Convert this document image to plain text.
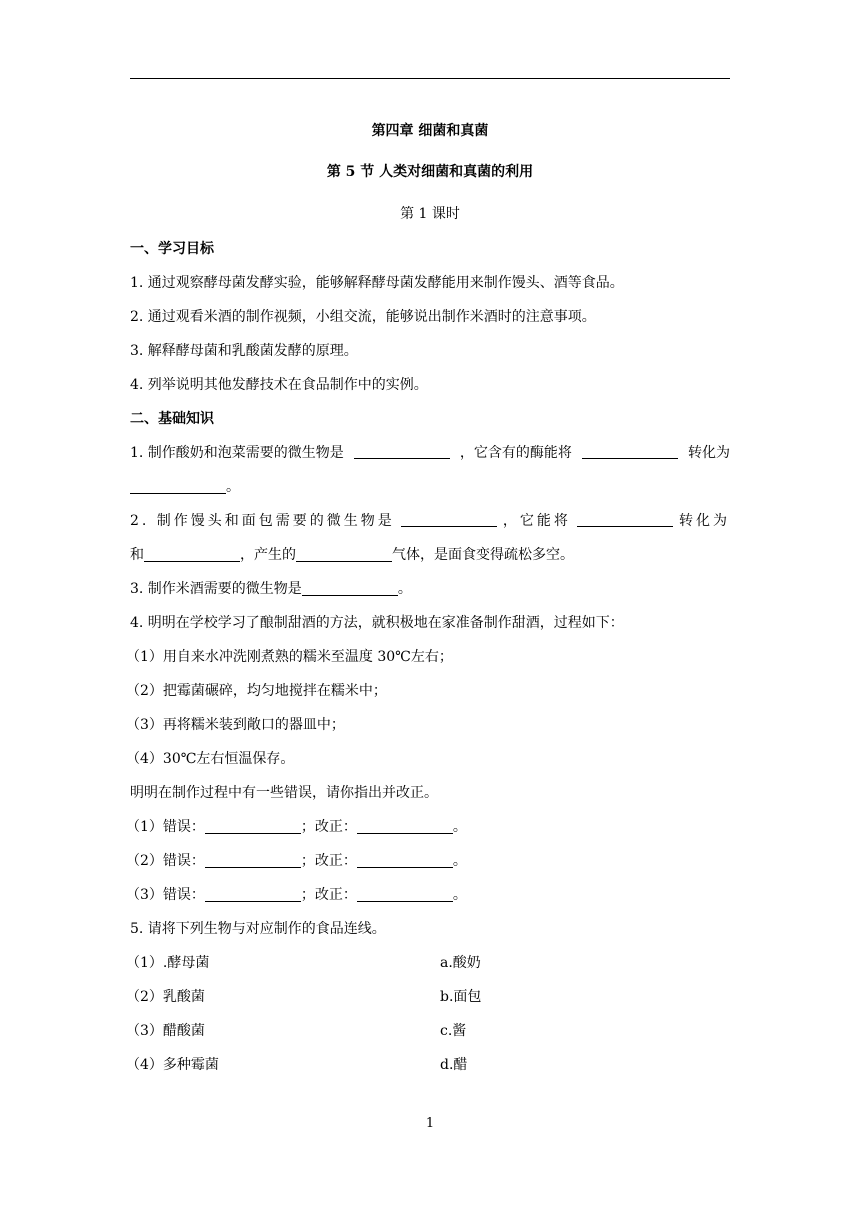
第四章 细菌和真菌
第 5 节 人类对细菌和真菌的利用
第 1 课时
一、学习目标
1. 通过观察酵母菌发酵实验，能够解释酵母菌发酵能用来制作馒头、酒等食品。
2. 通过观看米酒的制作视频，小组交流，能够说出制作米酒时的注意事项。
3. 解释酵母菌和乳酸菌发酵的原理。
4. 列举说明其他发酵技术在食品制作中的实例。
二、基础知识
1. 制作酸奶和泡菜需要的微生物是	，它含有的酶能将	转化为
。
2. 制作馒头和面包需要的微生物是	，它能将	转化为
和	，产生的	气体，是面食变得疏松多空。
3. 制作米酒需要的微生物是	。
4. 明明在学校学习了酿制甜酒的方法，就积极地在家准备制作甜酒，过程如下：
（1）用自来水冲洗刚煮熟的糯米至温度 30℃左右；
（2）把霉菌碾碎，均匀地搅拌在糯米中；
（3）再将糯米装到敞口的器皿中；
（4）30℃左右恒温保存。
明明在制作过程中有一些错误，请你指出并改正。
（1）错误：	；改正：	。
（2）错误：	；改正：	。
（3）错误：	；改正：	。
5. 请将下列生物与对应制作的食品连线。
（1）.酵母菌	a.酸奶
（2）乳酸菌	b.面包
（3）醋酸菌	c.酱
（4）多种霉菌	d.醋
1
